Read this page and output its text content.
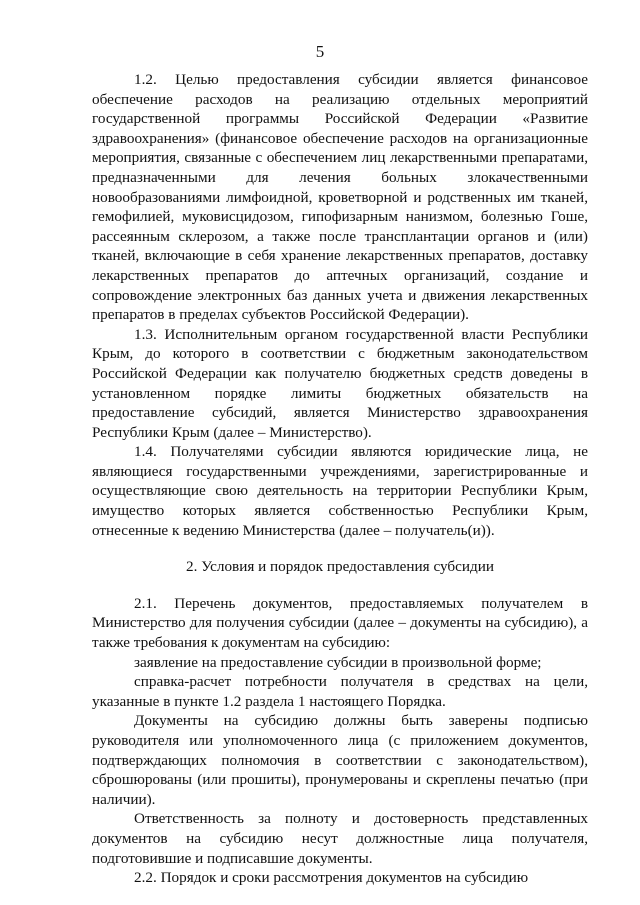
5

1.2. Целью предоставления субсидии является финансовое обеспечение расходов на реализацию отдельных мероприятий государственной программы Российской Федерации «Развитие здравоохранения» (финансовое обеспечение расходов на организационные мероприятия, связанные с обеспечением лиц лекарственными препаратами, предназначенными для лечения больных злокачественными новообразованиями лимфоидной, кроветворной и родственных им тканей, гемофилией, муковисцидозом, гипофизарным нанизмом, болезнью Гоше, рассеянным склерозом, а также после трансплантации органов и (или) тканей, включающие в себя хранение лекарственных препаратов, доставку лекарственных препаратов до аптечных организаций, создание и сопровождение электронных баз данных учета и движения лекарственных препаратов в пределах субъектов Российской Федерации).

1.3. Исполнительным органом государственной власти Республики Крым, до которого в соответствии с бюджетным законодательством Российской Федерации как получателю бюджетных средств доведены в установленном порядке лимиты бюджетных обязательств на предоставление субсидий, является Министерство здравоохранения Республики Крым (далее – Министерство).

1.4. Получателями субсидии являются юридические лица, не являющиеся государственными учреждениями, зарегистрированные и осуществляющие свою деятельность на территории Республики Крым, имущество которых является собственностью Республики Крым, отнесенные к ведению Министерства (далее – получатель(и)).

2. Условия и порядок предоставления субсидии

2.1. Перечень документов, предоставляемых получателем в Министерство для получения субсидии (далее – документы на субсидию), а также требования к документам на субсидию:

заявление на предоставление субсидии в произвольной форме;

справка-расчет потребности получателя в средствах на цели, указанные в пункте 1.2 раздела 1 настоящего Порядка.

Документы на субсидию должны быть заверены подписью руководителя или уполномоченного лица (с приложением документов, подтверждающих полномочия в соответствии с законодательством), сброшюрованы (или прошиты), пронумерованы и скреплены печатью (при наличии).

Ответственность за полноту и достоверность представленных документов на субсидию несут должностные лица получателя, подготовившие и подписавшие документы.

2.2. Порядок и сроки рассмотрения документов на субсидию
